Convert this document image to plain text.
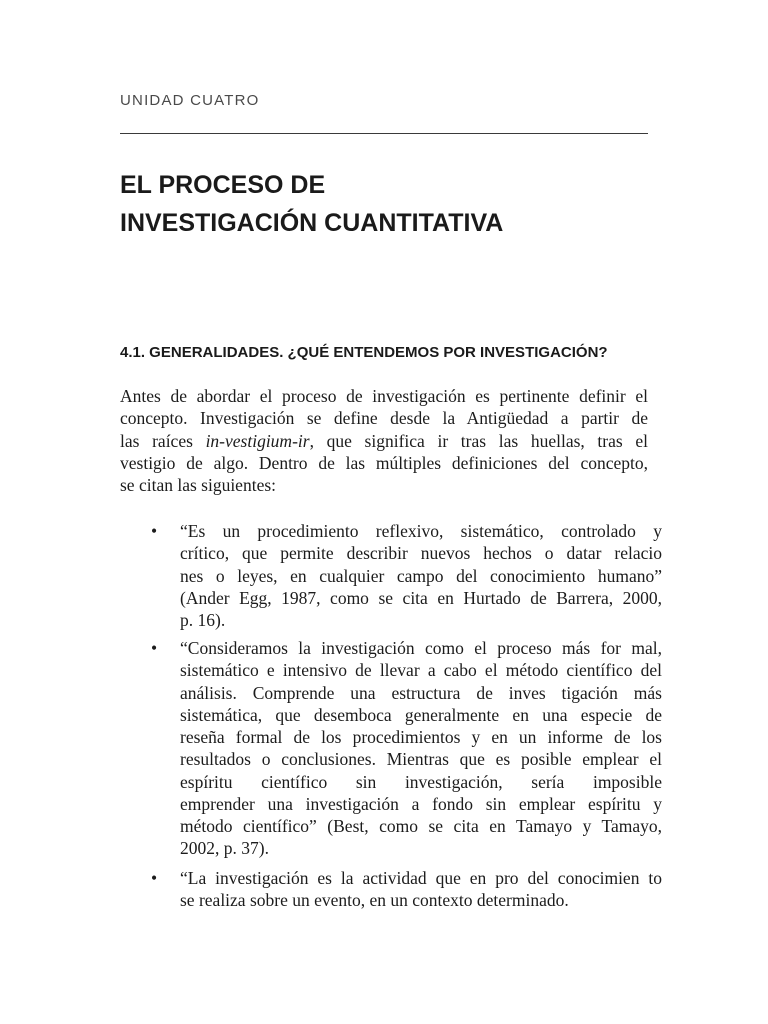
UNIDAD CUATRO
EL PROCESO DE
INVESTIGACIÓN CUANTITATIVA
4.1. GENERALIDADES. ¿QUÉ ENTENDEMOS POR INVESTIGACIÓN?
Antes de abordar el proceso de investigación es pertinente definir el
concepto. Investigación se define desde la Antigüedad a partir de
las raíces in-vestigium-ir, que significa ir tras las huellas, tras el
vestigio de algo. Dentro de las múltiples definiciones del concepto,
se citan las siguientes:
• “Es un procedimiento reflexivo, sistemático, controlado y
crítico, que permite describir nuevos hechos o datar relacio
nes o leyes, en cualquier campo del conocimiento humano”
(Ander Egg, 1987, como se cita en Hurtado de Barrera, 2000,
p. 16).
• “Consideramos la investigación como el proceso más for mal,
sistemático e intensivo de llevar a cabo el método científico del
análisis. Comprende una estructura de inves tigación más
sistemática, que desemboca generalmente en una especie de
reseña formal de los procedimientos y en un informe de los
resultados o conclusiones. Mientras que es posible emplear el
espíritu científico sin investigación, sería imposible
emprender una investigación a fondo sin emplear espíritu y
método científico” (Best, como se cita en Tamayo y Tamayo,
2002, p. 37).
• “La investigación es la actividad que en pro del conocimien to
se realiza sobre un evento, en un contexto determinado.
